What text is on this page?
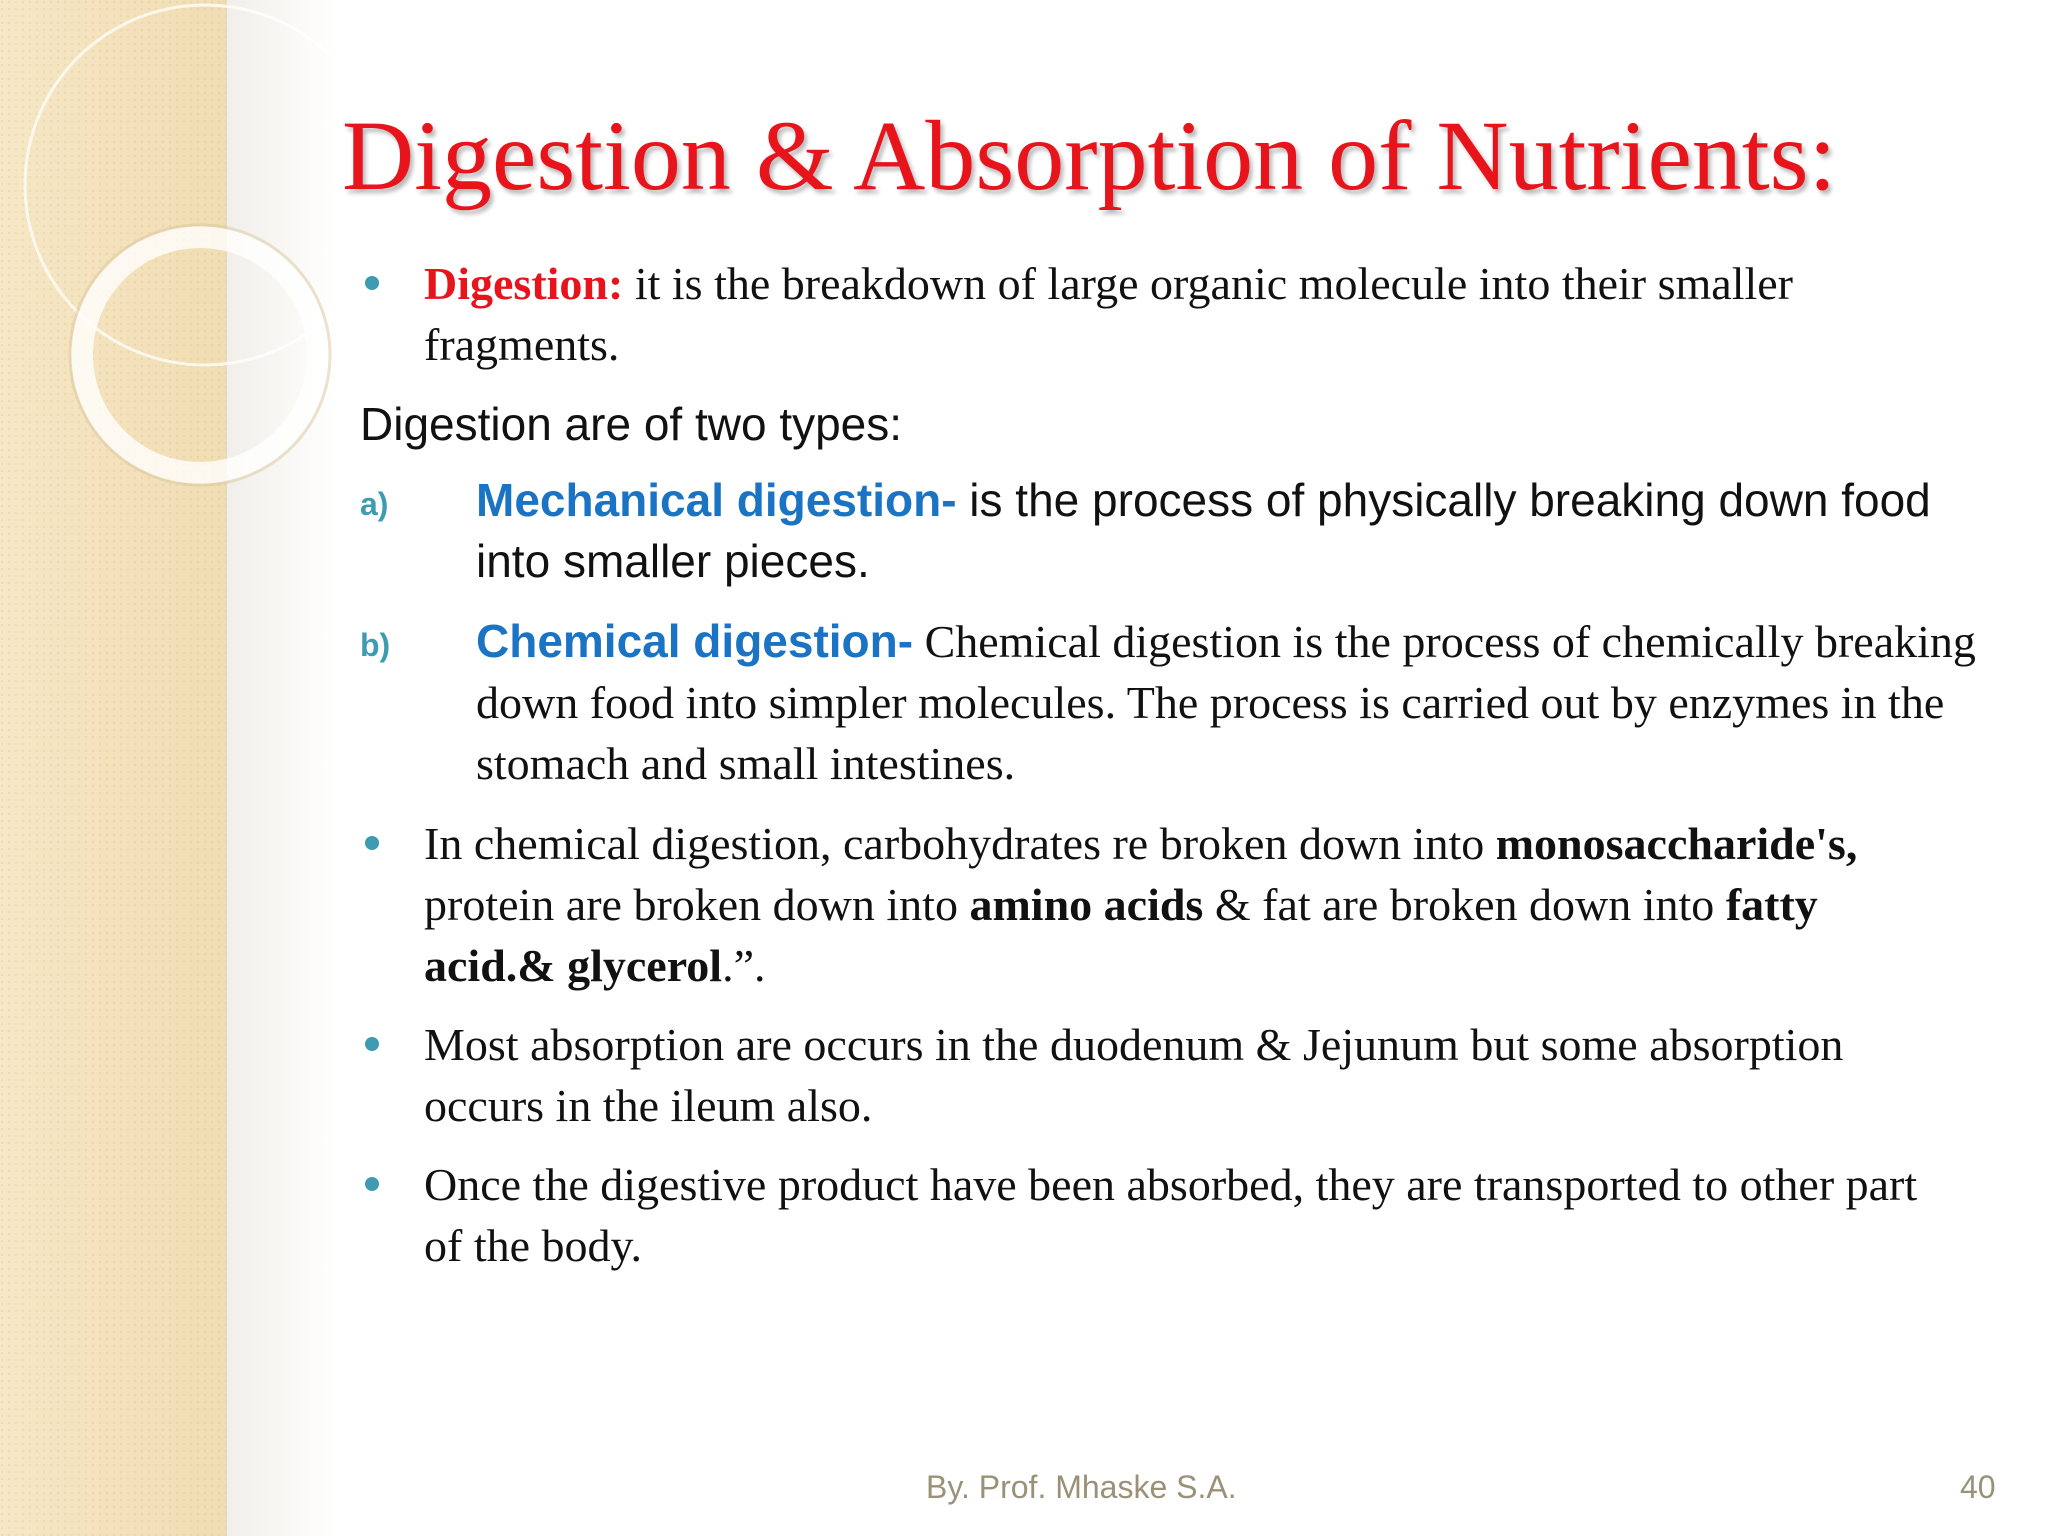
Digestion & Absorption of Nutrients:
Digestion: it is the breakdown of large organic molecule into their smaller fragments.
Digestion are of two types:
a) Mechanical digestion- is the process of physically breaking down food into smaller pieces.
b) Chemical digestion- Chemical digestion is the process of chemically breaking down food into simpler molecules. The process is carried out by enzymes in the stomach and small intestines.
In chemical digestion, carbohydrates re broken down into monosaccharide's, protein are broken down into amino acids & fat are broken down into fatty acid.& glycerol.”.
Most absorption are occurs in the duodenum & Jejunum but some absorption occurs in the ileum also.
Once the digestive product have been absorbed, they are transported to other part of the body.
By. Prof. Mhaske S.A.	40
